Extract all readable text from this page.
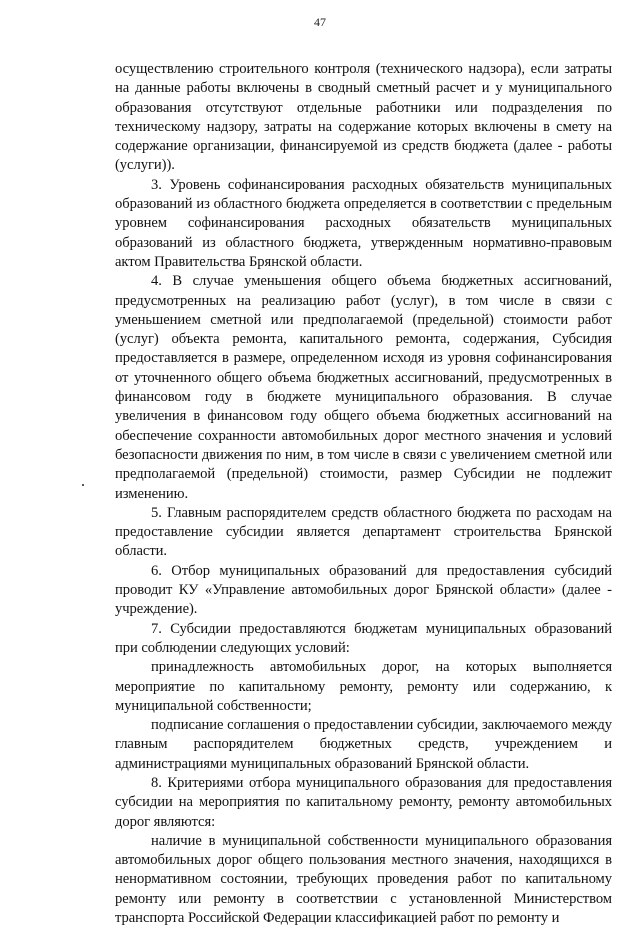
47

осуществлению строительного контроля (технического надзора), если затраты на данные работы включены в сводный сметный расчет и у муниципального образования отсутствуют отдельные работники или подразделения по техническому надзору, затраты на содержание которых включены в смету на содержание организации, финансируемой из средств бюджета (далее - работы (услуги)).

3. Уровень софинансирования расходных обязательств муниципальных образований из областного бюджета определяется в соответствии с предельным уровнем софинансирования расходных обязательств муниципальных образований из областного бюджета, утвержденным нормативно-правовым актом Правительства Брянской области.

4. В случае уменьшения общего объема бюджетных ассигнований, предусмотренных на реализацию работ (услуг), в том числе в связи с уменьшением сметной или предполагаемой (предельной) стоимости работ (услуг) объекта ремонта, капитального ремонта, содержания, Субсидия предоставляется в размере, определенном исходя из уровня софинансирования от уточненного общего объема бюджетных ассигнований, предусмотренных в финансовом году в бюджете муниципального образования. В случае увеличения в финансовом году общего объема бюджетных ассигнований на обеспечение сохранности автомобильных дорог местного значения и условий безопасности движения по ним, в том числе в связи с увеличением сметной или предполагаемой (предельной) стоимости, размер Субсидии не подлежит изменению.

5. Главным распорядителем средств областного бюджета по расходам на предоставление субсидии является департамент строительства Брянской области.

6. Отбор муниципальных образований для предоставления субсидий проводит КУ «Управление автомобильных дорог Брянской области» (далее - учреждение).

7. Субсидии предоставляются бюджетам муниципальных образований при соблюдении следующих условий:

принадлежность автомобильных дорог, на которых выполняется мероприятие по капитальному ремонту, ремонту или содержанию, к муниципальной собственности;

подписание соглашения о предоставлении субсидии, заключаемого между главным распорядителем бюджетных средств, учреждением и администрациями муниципальных образований Брянской области.

8. Критериями отбора муниципального образования для предоставления субсидии на мероприятия по капитальному ремонту, ремонту автомобильных дорог являются:

наличие в муниципальной собственности муниципального образования автомобильных дорог общего пользования местного значения, находящихся в ненормативном состоянии, требующих проведения работ по капитальному ремонту или ремонту в соответствии с установленной Министерством транспорта Российской Федерации классификацией работ по ремонту и
